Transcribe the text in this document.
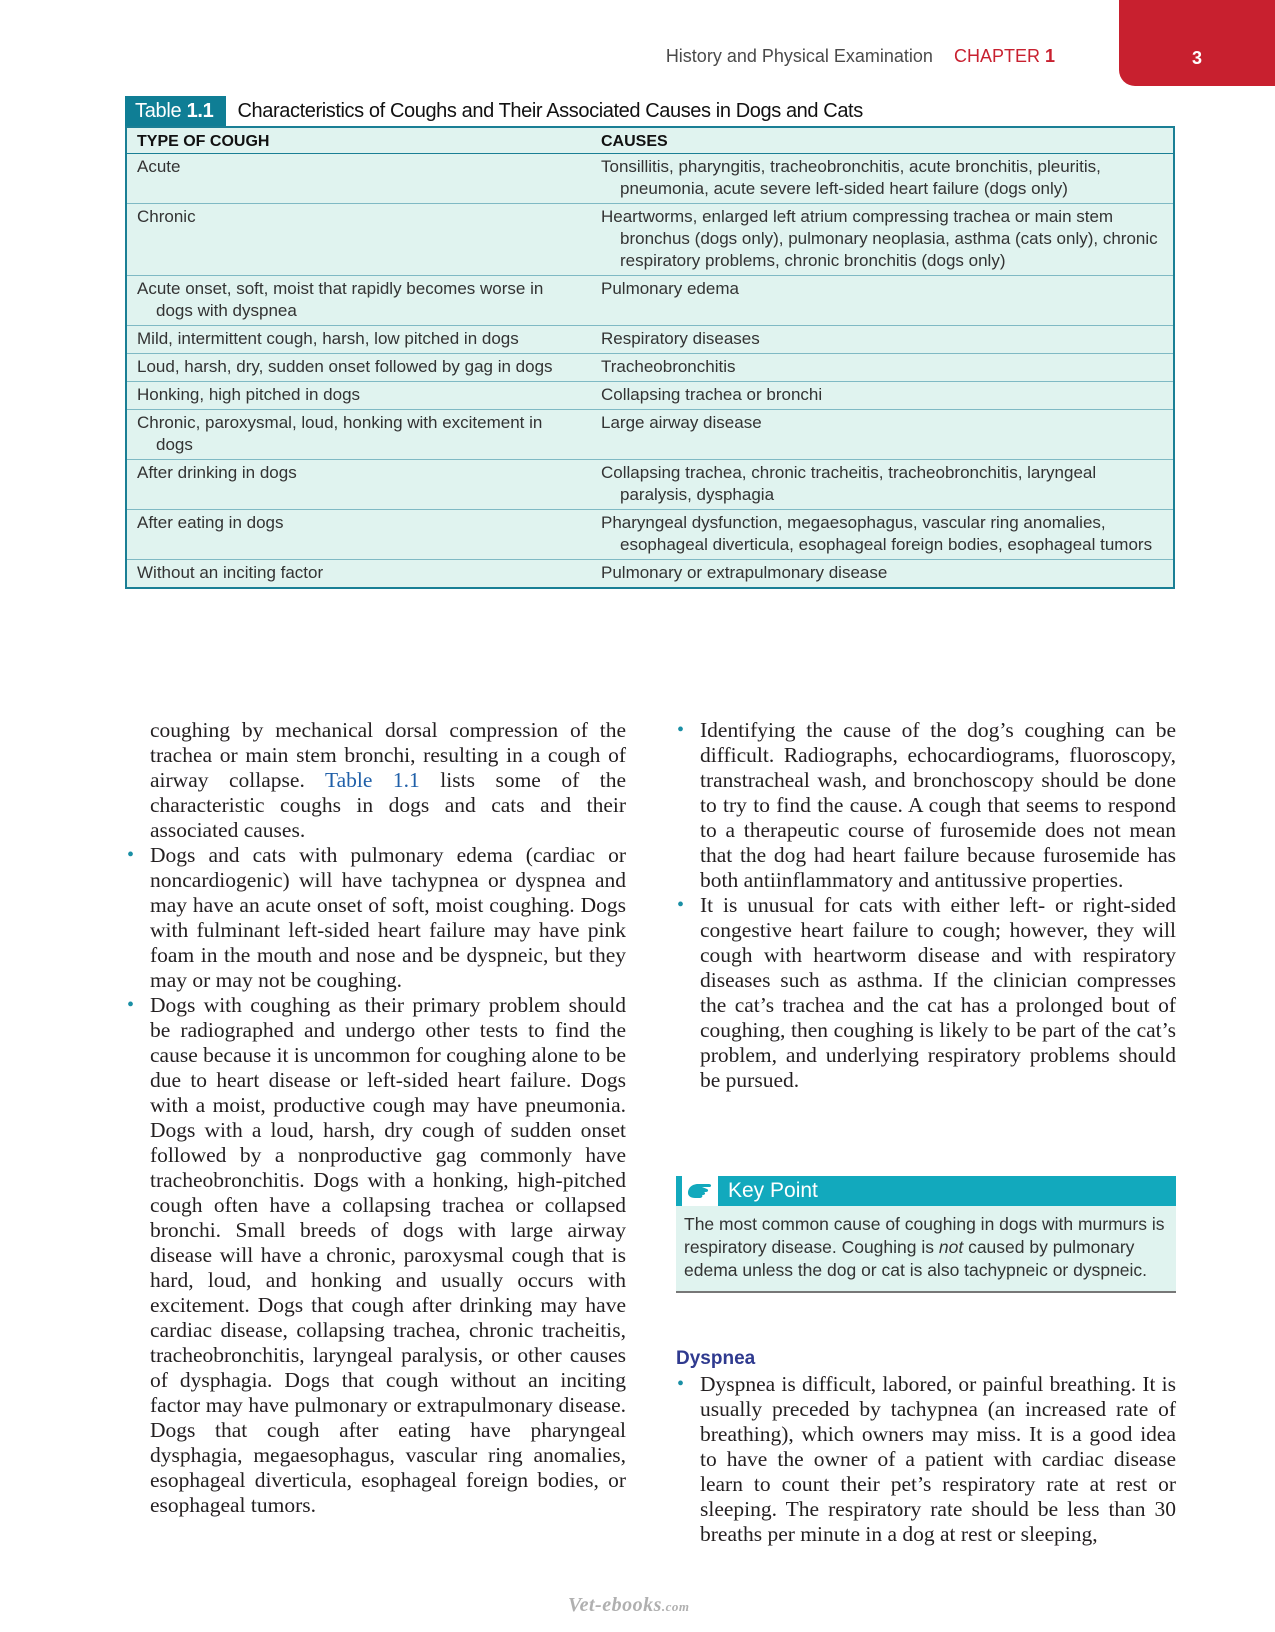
History and Physical Examination CHAPTER 1	3
Table 1.1	Characteristics of Coughs and Their Associated Causes in Dogs and Cats
TYPE OF COUGH	CAUSES

Acute	Tonsillitis, pharyngitis, tracheobronchitis, acute bronchitis, pleuritis, pneumonia, acute severe left-sided heart failure (dogs only)

Chronic	Heartworms, enlarged left atrium compressing trachea or main stem bronchus (dogs only), pulmonary neoplasia, asthma (cats only), chronic respiratory problems, chronic bronchitis (dogs only)

Acute onset, soft, moist that rapidly becomes worse in dogs with dyspnea	Pulmonary edema

Mild, intermittent cough, harsh, low pitched in dogs	Respiratory diseases

Loud, harsh, dry, sudden onset followed by gag in dogs	Tracheobronchitis

Honking, high pitched in dogs	Collapsing trachea or bronchi

Chronic, paroxysmal, loud, honking with excitement in dogs	Large airway disease

After drinking in dogs	Collapsing trachea, chronic tracheitis, tracheobronchitis, laryngeal paralysis, dysphagia

After eating in dogs	Pharyngeal dysfunction, megaesophagus, vascular ring anomalies, esophageal diverticula, esophageal foreign bodies, esophageal tumors

Without an inciting factor	Pulmonary or extrapulmonary disease

coughing by mechanical dorsal compression of the trachea or main stem bronchi, resulting in a cough of airway collapse. Table 1.1 lists some of the characteristic coughs in dogs and cats and their associated causes.

• Dogs and cats with pulmonary edema (cardiac or noncardiogenic) will have tachypnea or dyspnea and may have an acute onset of soft, moist coughing. Dogs with fulminant left-sided heart failure may have pink foam in the mouth and nose and be dyspneic, but they may or may not be coughing.

• Dogs with coughing as their primary problem should be radiographed and undergo other tests to find the cause because it is uncommon for coughing alone to be due to heart disease or left-sided heart failure. Dogs with a moist, productive cough may have pneumonia. Dogs with a loud, harsh, dry cough of sudden onset followed by a nonproductive gag commonly have tracheobronchitis. Dogs with a honking, high-pitched cough often have a collapsing trachea or collapsed bronchi. Small breeds of dogs with large airway disease will have a chronic, paroxysmal cough that is hard, loud, and honking and usually occurs with excitement. Dogs that cough after drinking may have cardiac disease, collapsing trachea, chronic tracheitis, tracheobronchitis, laryngeal paralysis, or other causes of dysphagia. Dogs that cough without an inciting factor may have pulmonary or extrapulmonary disease. Dogs that cough after eating have pharyngeal dysphagia, megaesophagus, vascular ring anomalies, esophageal diverticula, esophageal foreign bodies, or esophageal tumors.

• Identifying the cause of the dog’s coughing can be difficult. Radiographs, echocardiograms, fluoroscopy, transtracheal wash, and bronchoscopy should be done to try to find the cause. A cough that seems to respond to a therapeutic course of furosemide does not mean that the dog had heart failure because furosemide has both antiinflammatory and antitussive properties.

• It is unusual for cats with either left- or right-sided congestive heart failure to cough; however, they will cough with heartworm disease and with respiratory diseases such as asthma. If the clinician compresses the cat’s trachea and the cat has a prolonged bout of coughing, then coughing is likely to be part of the cat’s problem, and underlying respiratory problems should be pursued.

Key Point
The most common cause of coughing in dogs with murmurs is respiratory disease. Coughing is not caused by pulmonary edema unless the dog or cat is also tachypneic or dyspneic.
Dyspnea

• Dyspnea is difficult, labored, or painful breathing. It is usually preceded by tachypnea (an increased rate of breathing), which owners may miss. It is a good idea to have the owner of a patient with cardiac disease learn to count their pet’s respiratory rate at rest or sleeping. The respiratory rate should be less than 30 breaths per minute in a dog at rest or sleeping,

Vet-ebooks.com
